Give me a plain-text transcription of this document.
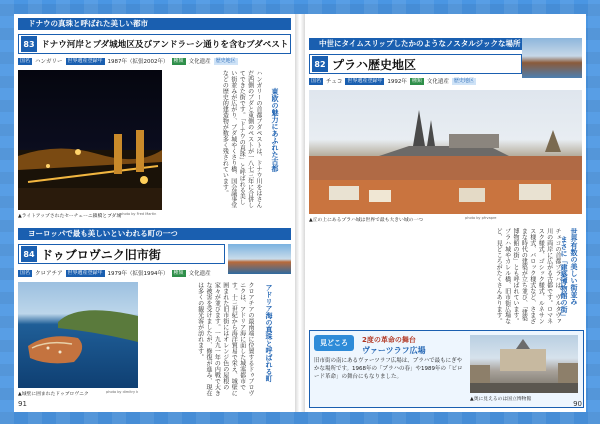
ドナウの真珠と呼ばれた美しい都市
83 ドナウ河岸とブダ城地区及びアンドラーシ通りを含むブダペスト
国名 ハンガリー	世界遺産登録年 1987年（拡張2002年）	種類 文化遺産	歴史地区
▲ライトアップされたセーチェーニ鎖橋とブダ城
photo by Fred Martin
ハンガリーの首都ブダペストは、ドナウ川をはさんだ西側のブダと東側のペストが一八七三年に合併してできた街です。「ドナウの真珠」と呼ばれる美しい街並みが広がり、ブダ城やくさり橋、国会議事堂などの歴史的建造物が数多く残されています。	東欧の魅力にあふれた古都
ヨーロッパで最も美しいといわれる町の一つ
84 ドゥブロヴニク旧市街
国名 クロアチア	世界遺産登録年 1979年（拡張1994年）	種類 文化遺産
▲城壁に囲まれたドゥブロヴニク	photo by dimitry k	クロアチアの最南端に位置するドゥブロヴニクは、アドリア海に面した城塞都市です。十三世紀から海洋貿易で栄え、城壁に囲まれた旧市街にはオレンジ色の屋根の家々が並びます。一九九一年の内戦で大きな被害を受けましたが、修復が進み、現在は多くの観光客が訪れます。	アドリア海の真珠と呼ばれる町
91
中世にタイムスリップしたかのようなノスタルジックな場所
82 プラハ歴史地区
国名 チェコ	世界遺産登録年 1992年	種類 文化遺産	歴史地区
▲丘の上にあるプラハ城は世界で最も大きい城の一つ	photo by pfrvapre
チェコの首都プラハは、ヴルタヴァ川の両岸に広がる古都です。ロマネスク様式、ゴシック様式、ルネサンス様式、バロック様式など、さまざまな時代の建築が立ち並び、「建築博物館の街」とも呼ばれています。プラハ城やカレル橋、旧市街広場など、見どころがたくさんあります。	世界有数の美しい街並み
まさに「建築博物館の街」
見どころ	2度の革命の舞台
ヴァーツラフ広場
旧市街の南にあるヴァーツラフ広場は、プラハで最もにぎやかな場所です。1968年の「プラハの春」や1989年の「ビロード革命」の舞台にもなりました。
▲奥に見えるのは国立博物館
90
